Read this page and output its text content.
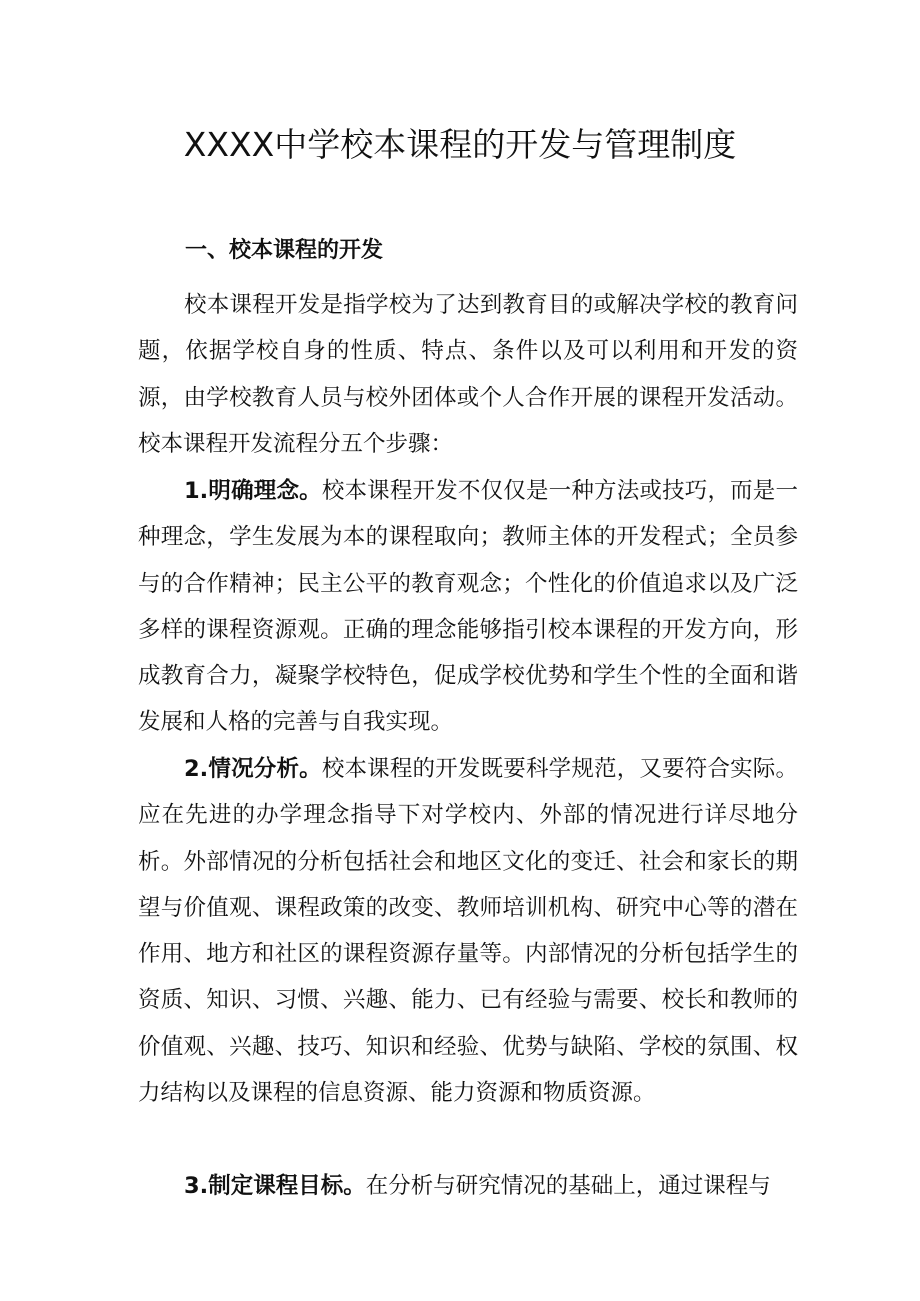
XXXX中学校本课程的开发与管理制度
一、校本课程的开发
校本课程开发是指学校为了达到教育目的或解决学校的教育问题，依据学校自身的性质、特点、条件以及可以利用和开发的资源，由学校教育人员与校外团体或个人合作开展的课程开发活动。校本课程开发流程分五个步骤：
1.明确理念。校本课程开发不仅仅是一种方法或技巧，而是一种理念，学生发展为本的课程取向；教师主体的开发程式；全员参与的合作精神；民主公平的教育观念；个性化的价值追求以及广泛多样的课程资源观。正确的理念能够指引校本课程的开发方向，形成教育合力，凝聚学校特色，促成学校优势和学生个性的全面和谐发展和人格的完善与自我实现。
2.情况分析。校本课程的开发既要科学规范，又要符合实际。应在先进的办学理念指导下对学校内、外部的情况进行详尽地分析。外部情况的分析包括社会和地区文化的变迁、社会和家长的期望与价值观、课程政策的改变、教师培训机构、研究中心等的潜在作用、地方和社区的课程资源存量等。内部情况的分析包括学生的资质、知识、习惯、兴趣、能力、已有经验与需要、校长和教师的价值观、兴趣、技巧、知识和经验、优势与缺陷、学校的氛围、权力结构以及课程的信息资源、能力资源和物质资源。
3.制定课程目标。在分析与研究情况的基础上，通过课程与
